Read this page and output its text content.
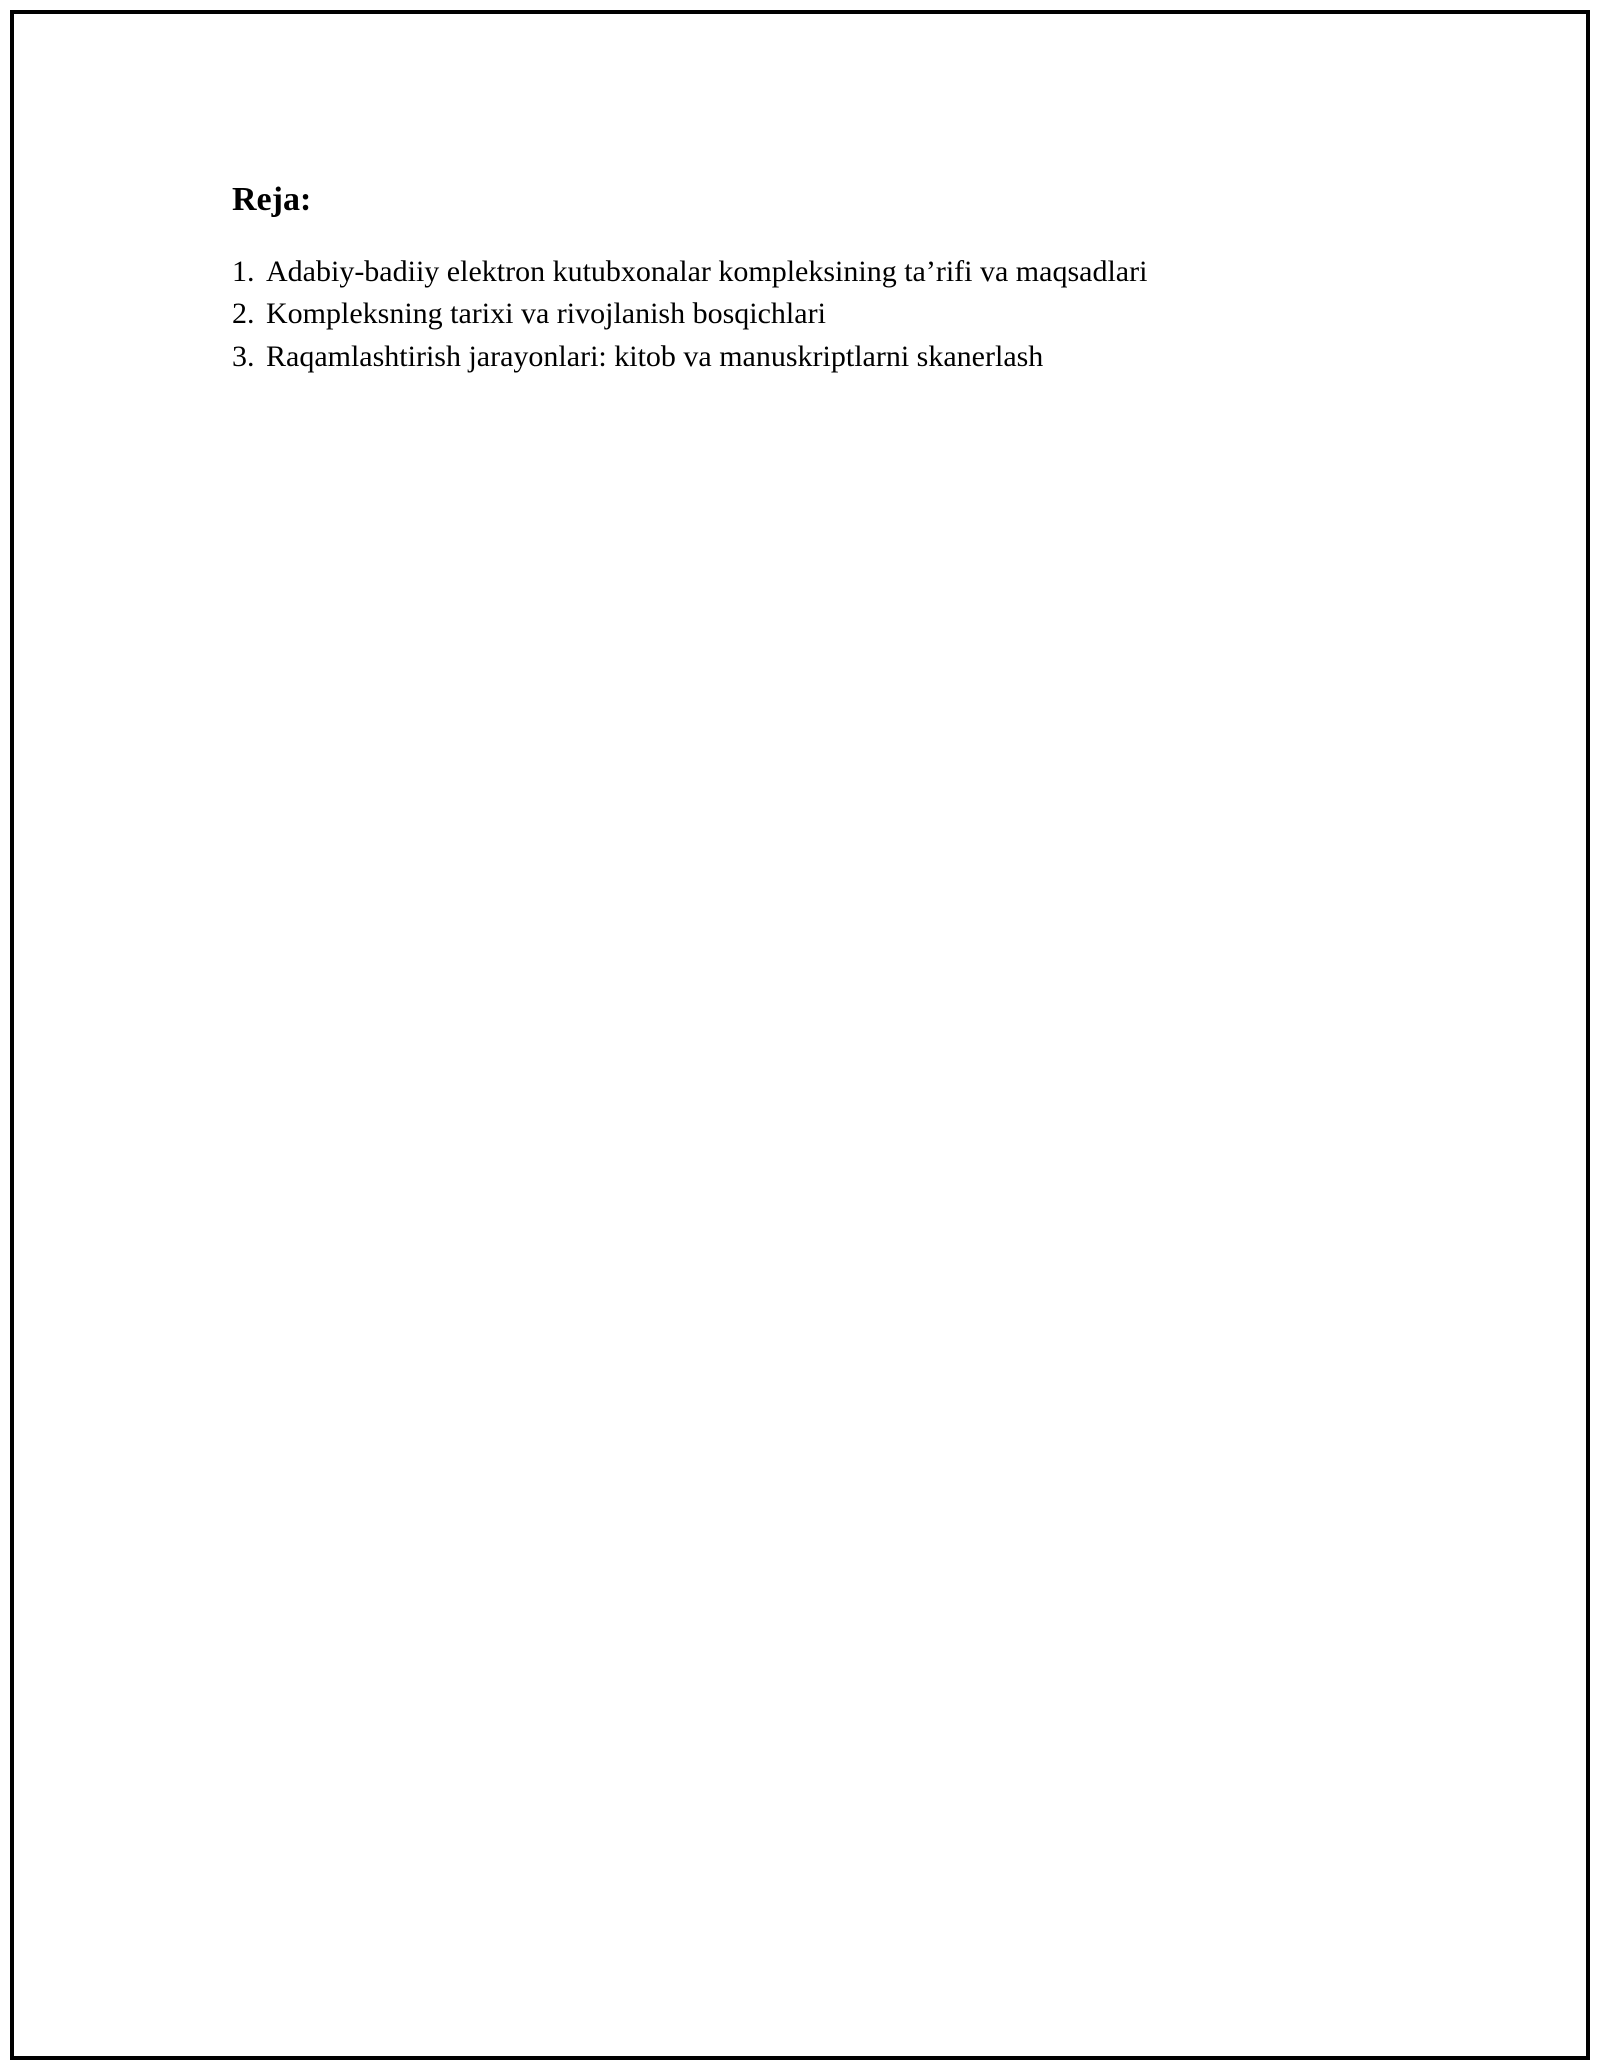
Reja:
1. Adabiy-badiiy elektron kutubxonalar kompleksining ta’rifi va maqsadlari
2. Kompleksning tarixi va rivojlanish bosqichlari
3. Raqamlashtirish jarayonlari: kitob va manuskriptlarni skanerlash
